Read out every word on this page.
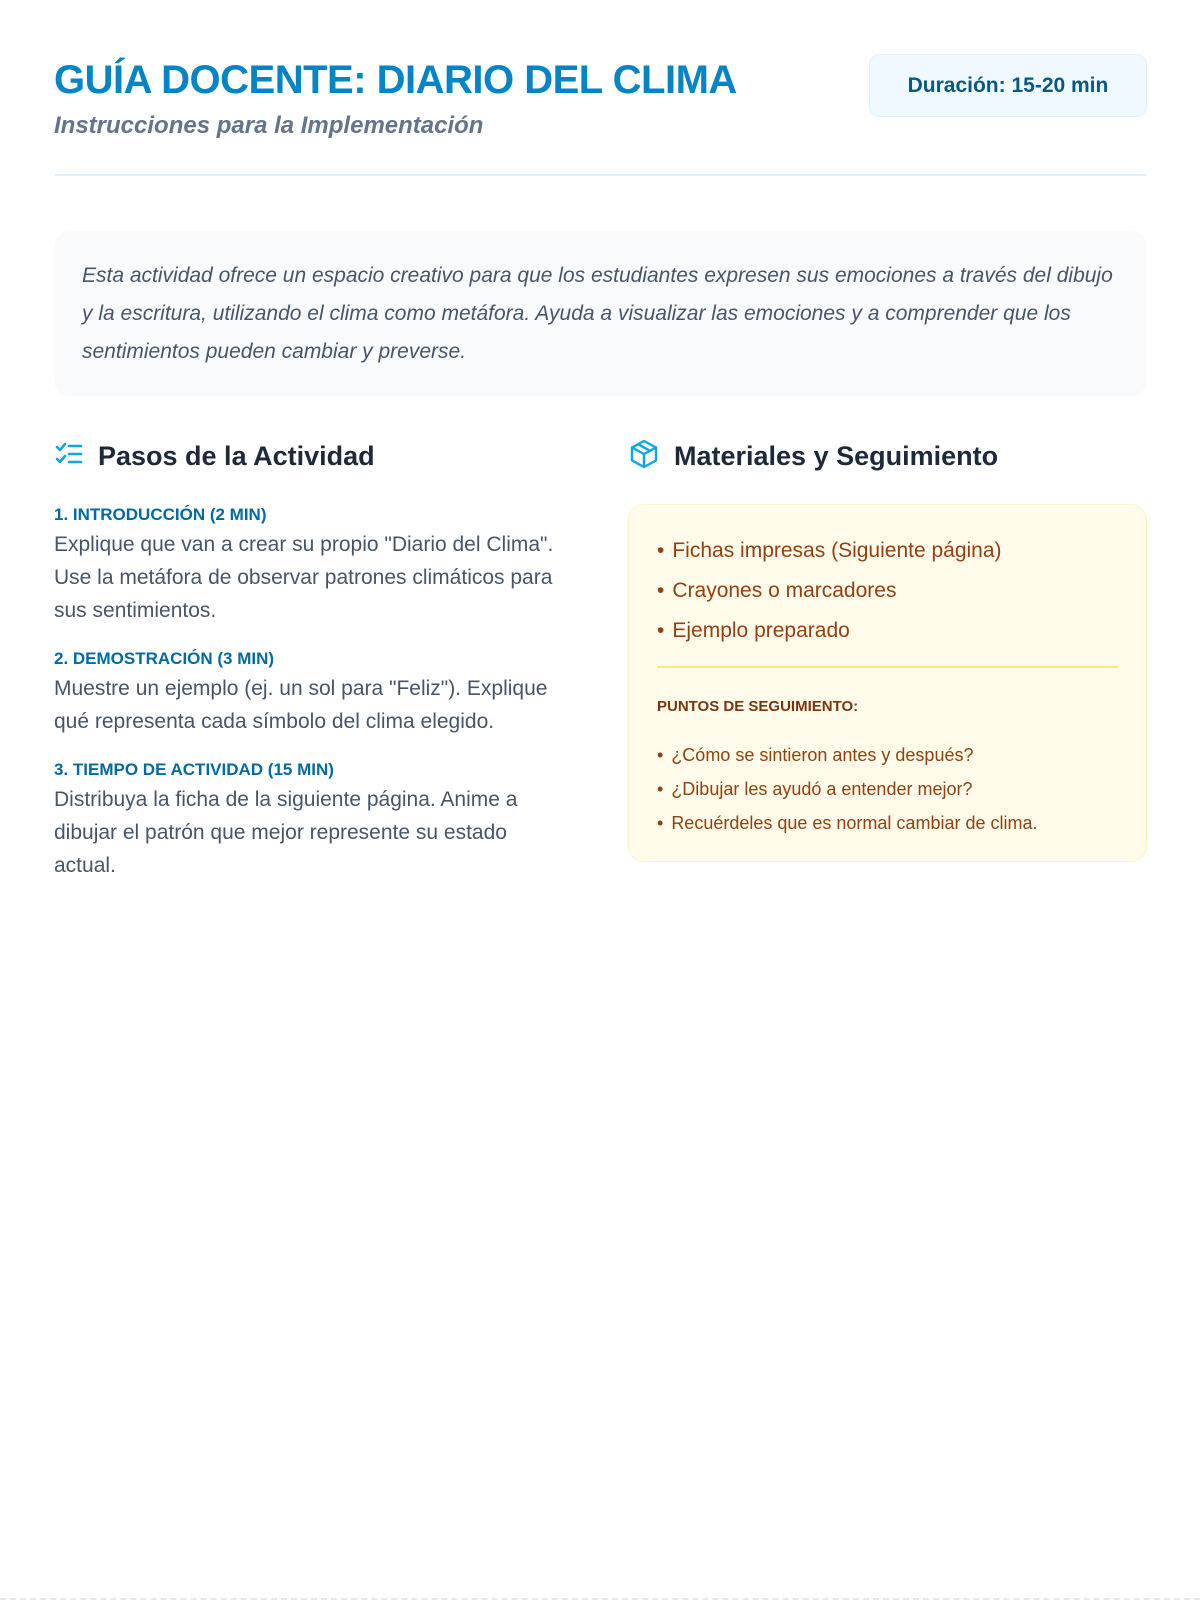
GUÍA DOCENTE: DIARIO DEL CLIMA
Instrucciones para la Implementación
Duración: 15-20 min

Esta actividad ofrece un espacio creativo para que los estudiantes expresen sus emociones a través del dibujo y la escritura, utilizando el clima como metáfora. Ayuda a visualizar las emociones y a comprender que los sentimientos pueden cambiar y preverse.

Pasos de la Actividad
1. INTRODUCCIÓN (2 MIN)
Explique que van a crear su propio "Diario del Clima". Use la metáfora de observar patrones climáticos para sus sentimientos.
2. DEMOSTRACIÓN (3 MIN)
Muestre un ejemplo (ej. un sol para "Feliz"). Explique qué representa cada símbolo del clima elegido.
3. TIEMPO DE ACTIVIDAD (15 MIN)
Distribuya la ficha de la siguiente página. Anime a dibujar el patrón que mejor represente su estado actual.
Materiales y Seguimiento
• Fichas impresas (Siguiente página)
• Crayones o marcadores
• Ejemplo preparado
PUNTOS DE SEGUIMIENTO:
• ¿Cómo se sintieron antes y después?
• ¿Dibujar les ayudó a entender mejor?
• Recuérdeles que es normal cambiar de clima.
